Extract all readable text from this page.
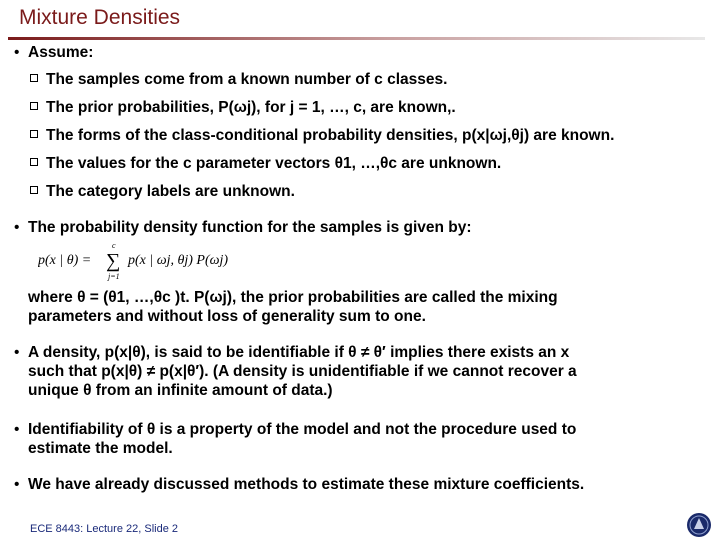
Mixture Densities
• Assume:
The samples come from a known number of c classes.
The prior probabilities, P(ωj), for j = 1, …, c, are known,.
The forms of the class-conditional probability densities, p(x|ωj,θj) are known.
The values for the c parameter vectors θ1, …,θc are unknown.
The category labels are unknown.
• The probability density function for the samples is given by:
p(x | θ) =
c
∑
j=1
p(x | ωj, θj) P(ωj)
where θ = (θ1, …,θc )t. P(ωj), the prior probabilities are called the mixing
parameters and without loss of generality sum to one.
• A density, p(x|θ), is said to be identifiable if θ ≠ θ′ implies there exists an x
such that p(x|θ) ≠ p(x|θ′). (A density is unidentifiable if we cannot recover a
unique θ from an infinite amount of data.)
• Identifiability of θ is a property of the model and not the procedure used to
estimate the model.
• We have already discussed methods to estimate these mixture coefficients.
ECE 8443: Lecture 22, Slide 2
